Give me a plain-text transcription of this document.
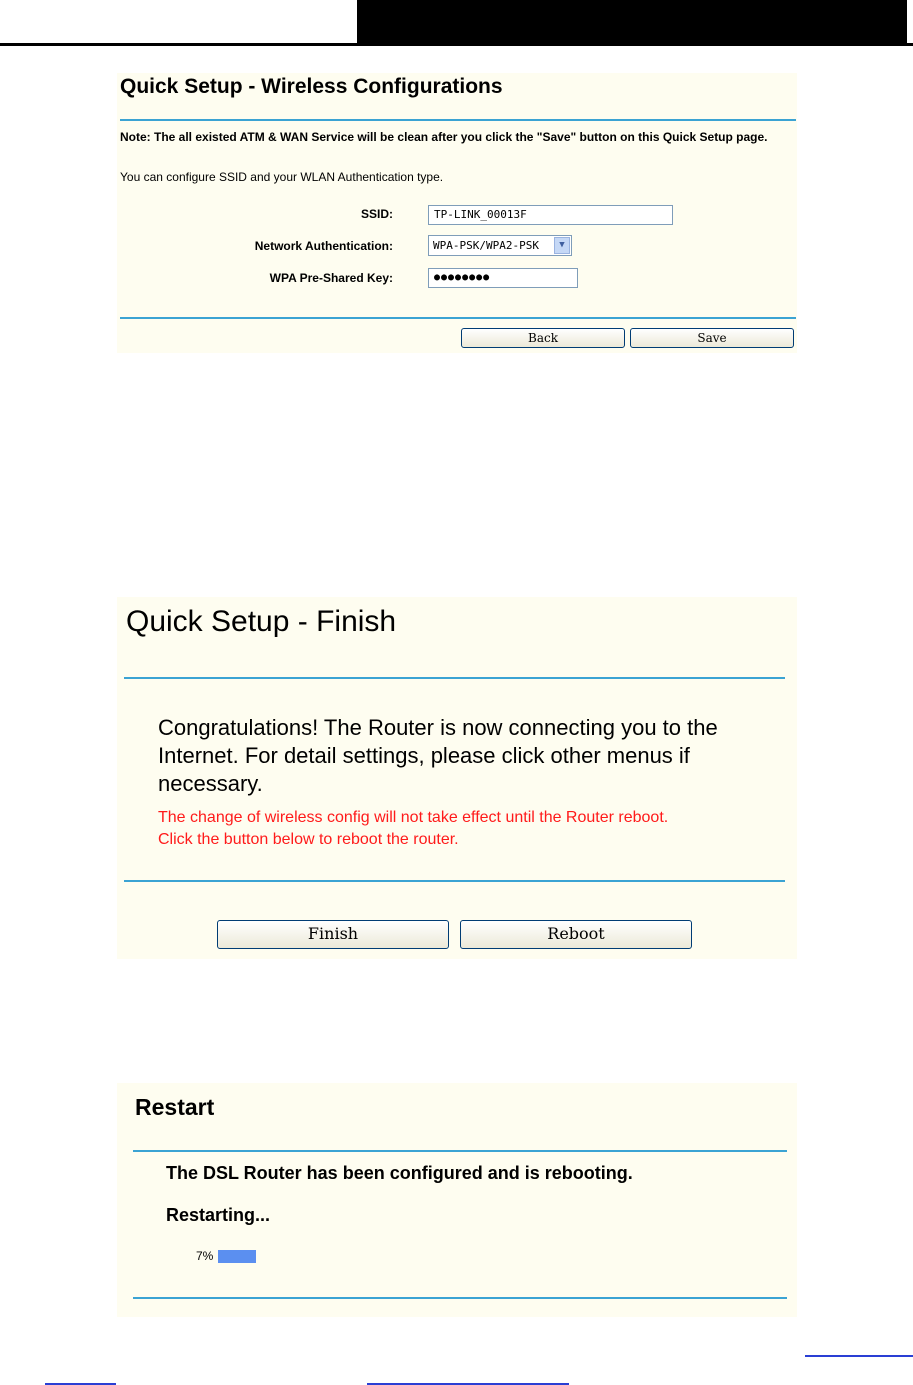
Quick Setup - Wireless Configurations
Note: The all existed ATM & WAN Service will be clean after you click the "Save" button on this Quick Setup page.
You can configure SSID and your WLAN Authentication type.
SSID:	TP-LINK_00013F
Network Authentication:	WPA-PSK/WPA2-PSK	▼
WPA Pre-Shared Key:	●●●●●●●●
Back	Save
Quick Setup - Finish
Congratulations! The Router is now connecting you to the Internet. For detail settings, please click other menus if necessary.
The change of wireless config will not take effect until the Router reboot.
Click the button below to reboot the router.
Finish	Reboot
Restart
The DSL Router has been configured and is rebooting.
Restarting...
7%
